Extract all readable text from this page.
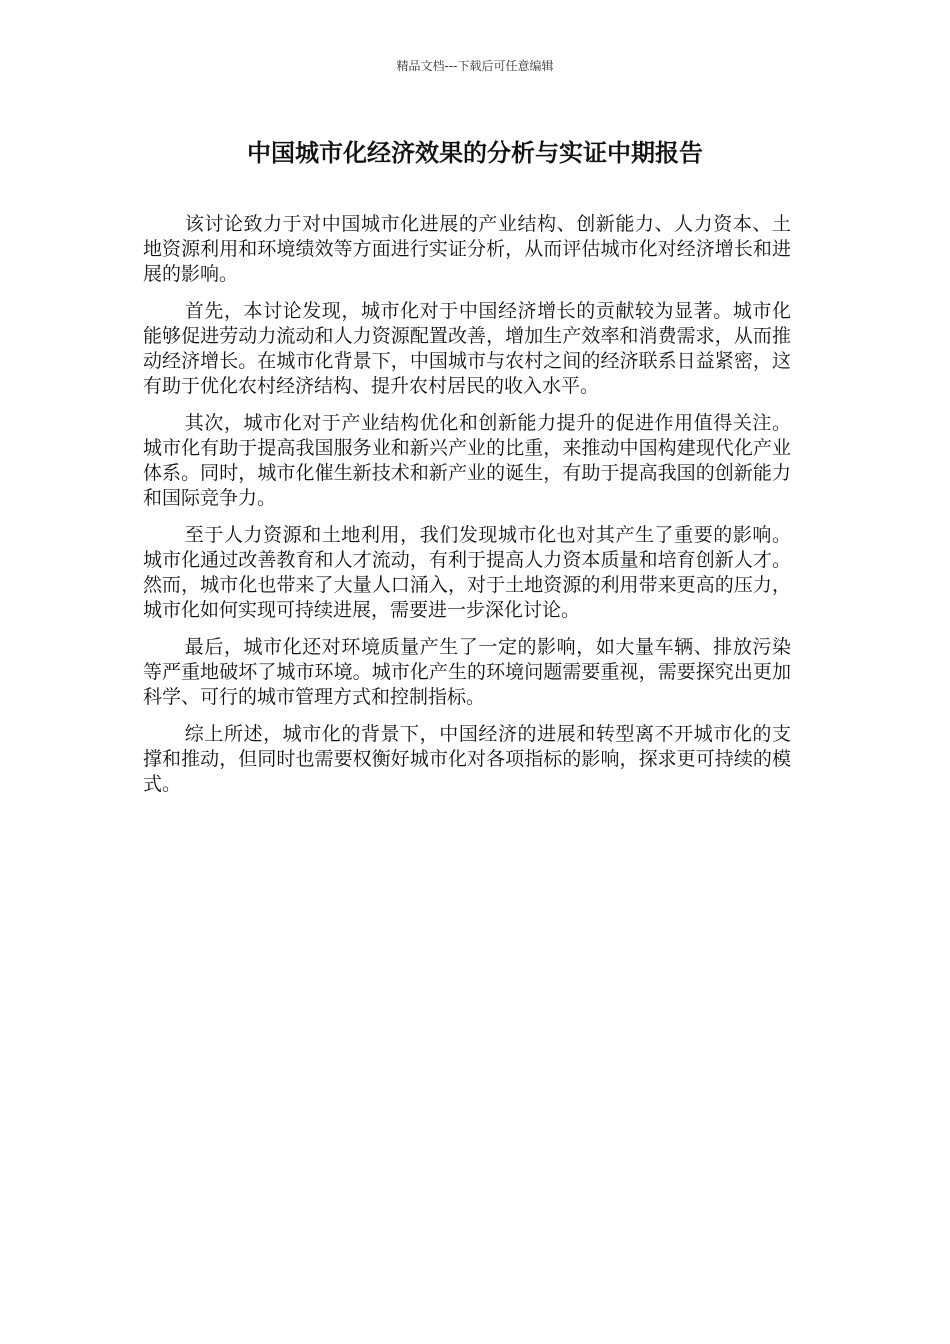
精品文档---下载后可任意编辑
中国城市化经济效果的分析与实证中期报告

该讨论致力于对中国城市化进展的产业结构、创新能力、人力资本、土地资源利用和环境绩效等方面进行实证分析，从而评估城市化对经济增长和进展的影响。

首先，本讨论发现，城市化对于中国经济增长的贡献较为显著。城市化能够促进劳动力流动和人力资源配置改善，增加生产效率和消费需求，从而推动经济增长。在城市化背景下，中国城市与农村之间的经济联系日益紧密，这有助于优化农村经济结构、提升农村居民的收入水平。

其次，城市化对于产业结构优化和创新能力提升的促进作用值得关注。城市化有助于提高我国服务业和新兴产业的比重，来推动中国构建现代化产业体系。同时，城市化催生新技术和新产业的诞生，有助于提高我国的创新能力和国际竞争力。

至于人力资源和土地利用，我们发现城市化也对其产生了重要的影响。城市化通过改善教育和人才流动，有利于提高人力资本质量和培育创新人才。然而，城市化也带来了大量人口涌入，对于土地资源的利用带来更高的压力，城市化如何实现可持续进展，需要进一步深化讨论。

最后，城市化还对环境质量产生了一定的影响，如大量车辆、排放污染等严重地破坏了城市环境。城市化产生的环境问题需要重视，需要探究出更加科学、可行的城市管理方式和控制指标。

综上所述，城市化的背景下，中国经济的进展和转型离不开城市化的支撑和推动，但同时也需要权衡好城市化对各项指标的影响，探求更可持续的模式。
